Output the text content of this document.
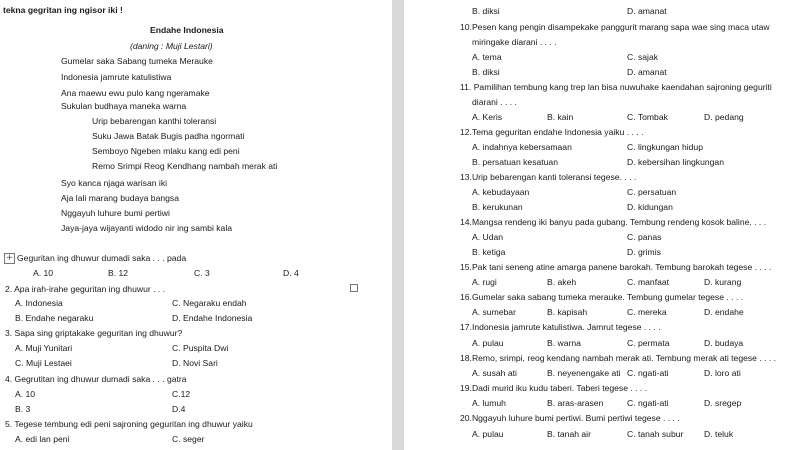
tekna gegritan ing ngisor iki !
Endahe Indonesia
(daning : Muji Lestari)
Gumelar saka Sabang tumeka Merauke
Indonesia jamrute katulistiwa
Ana maewu ewu pulo kang ngeramake
Sukulan budhaya maneka warna
Urip bebarengan kanthi toleransi
Suku Jawa Batak Bugis padha ngormati
Semboyo Ngeben mlaku kang edi peni
Remo Srimpi Reog Kendhang nambah merak ati
Syo kanca njaga warisan iki
Aja lali marang budaya bangsa
Nggayuh luhure bumi pertiwi
Jaya-jaya wijayanti widodo nir ing sambi kala
+ Geguritan ing dhuwur dumadi saka . . . pada
A. 10	B. 12	C. 3	D. 4
2. Apa irah-irahe geguritan ing dhuwur . . .
A. Indonesia	C. Negaraku endah
B. Endahe negaraku	D. Endahe Indonesia
3. Sapa sing griptakake geguritan ing dhuwur?
A. Muji Yunitari	C. Puspita Dwi
C. Muji Lestaei	D. Novi Sari
4. Gegrutitan ing dhuwur dumadi saka . . . gatra
A. 10	C.12
B. 3	D.4
5. Tegese tembung edi peni sajroning geguritan ing dhuwur yaiku
A. edi lan peni	C. seger
B. diksi	D. amanat
10.Pesen kang pengin disampekake panggurit marang sapa wae sing maca utaw
miringake diarani . . . .
A. tema	C. sajak
B. diksi	D. amanat
11. Pamilihan tembung kang trep lan bisa nuwuhake kaendahan sajroning geguriti
diarani . . . .
A. Keris	B. kain	C. Tombak	D. pedang
12.Tema geguritan endahe Indonesia yaiku . . . .
A. indahnya kebersamaan	C. lingkungan hidup
B. persatuan kesatuan	D. kebersihan lingkungan
13.Urip bebarengan kanti toleransi tegese. . . .
A. kebudayaan	C. persatuan
B. kerukunan	D. kidungan
14.Mangsa rendeng iki banyu pada gubang. Tembung rendeng kosok baline. . . .
A. Udan	C. panas
B. ketiga	D. grimis
15.Pak tani seneng atine amarga panene barokah. Tembung barokah tegese . . . .
A. rugi	B. akeh	C. manfaat	D. kurang
16.Gumelar saka sabang tumeka merauke. Tembung gumelar tegese . . . .
A. sumebar	B. kapisah	C. mereka	D. endahe
17.Indonesia jamrute katulistiwa. Jamrut tegese . . . .
A. pulau	B. warna	C. permata	D. budaya
18.Remo, srimpi, reog kendang nambah merak ati. Tembung merak ati tegese . . . .
A. susah ati	B. neyenengake ati C. ngati-ati	D. loro ati
19.Dadi murid iku kudu taberi. Taberi tegese . . . .
A. lumuh	B. aras-arasen	C. ngati-ati	D. sregep
20.Nggayuh luhure bumi pertiwi. Bumi pertiwi tegese . . . .
A. pulau	B. tanah air	C. tanah subur D. teluk
